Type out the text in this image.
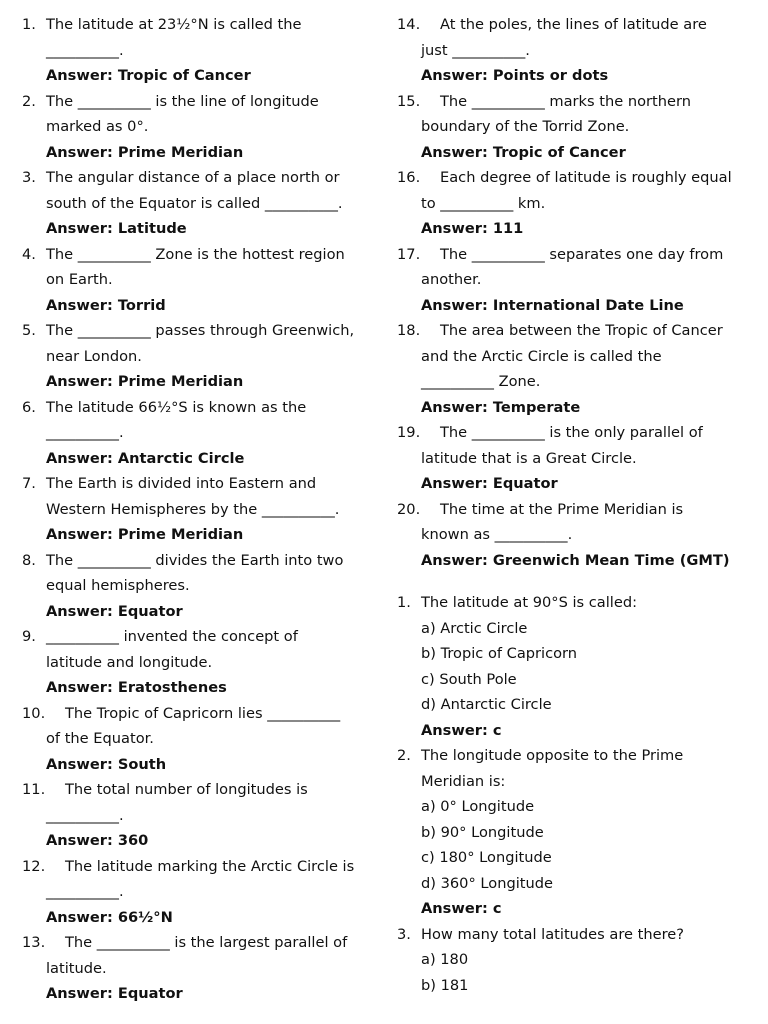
1. The latitude at 23½°N is called the
__________.
Answer: Tropic of Cancer
2. The __________ is the line of longitude
marked as 0°.
Answer: Prime Meridian
3. The angular distance of a place north or
south of the Equator is called __________.
Answer: Latitude
4. The __________ Zone is the hottest region
on Earth.
Answer: Torrid
5. The __________ passes through Greenwich,
near London.
Answer: Prime Meridian
6. The latitude 66½°S is known as the
__________.
Answer: Antarctic Circle
7. The Earth is divided into Eastern and
Western Hemispheres by the __________.
Answer: Prime Meridian
8. The __________ divides the Earth into two
equal hemispheres.
Answer: Equator
9. __________ invented the concept of
latitude and longitude.
Answer: Eratosthenes
10. The Tropic of Capricorn lies __________
of the Equator.
Answer: South
11. The total number of longitudes is
__________.
Answer: 360
12. The latitude marking the Arctic Circle is
__________.
Answer: 66½°N
13. The __________ is the largest parallel of
latitude.
Answer: Equator
14. At the poles, the lines of latitude are
just __________.
Answer: Points or dots
15. The __________ marks the northern
boundary of the Torrid Zone.
Answer: Tropic of Cancer
16. Each degree of latitude is roughly equal
to __________ km.
Answer: 111
17. The __________ separates one day from
another.
Answer: International Date Line
18. The area between the Tropic of Cancer
and the Arctic Circle is called the
__________ Zone.
Answer: Temperate
19. The __________ is the only parallel of
latitude that is a Great Circle.
Answer: Equator
20. The time at the Prime Meridian is
known as __________.
Answer: Greenwich Mean Time (GMT)
1. The latitude at 90°S is called:
a) Arctic Circle
b) Tropic of Capricorn
c) South Pole
d) Antarctic Circle
Answer: c
2. The longitude opposite to the Prime
Meridian is:
a) 0° Longitude
b) 90° Longitude
c) 180° Longitude
d) 360° Longitude
Answer: c
3. How many total latitudes are there?
a) 180
b) 181
